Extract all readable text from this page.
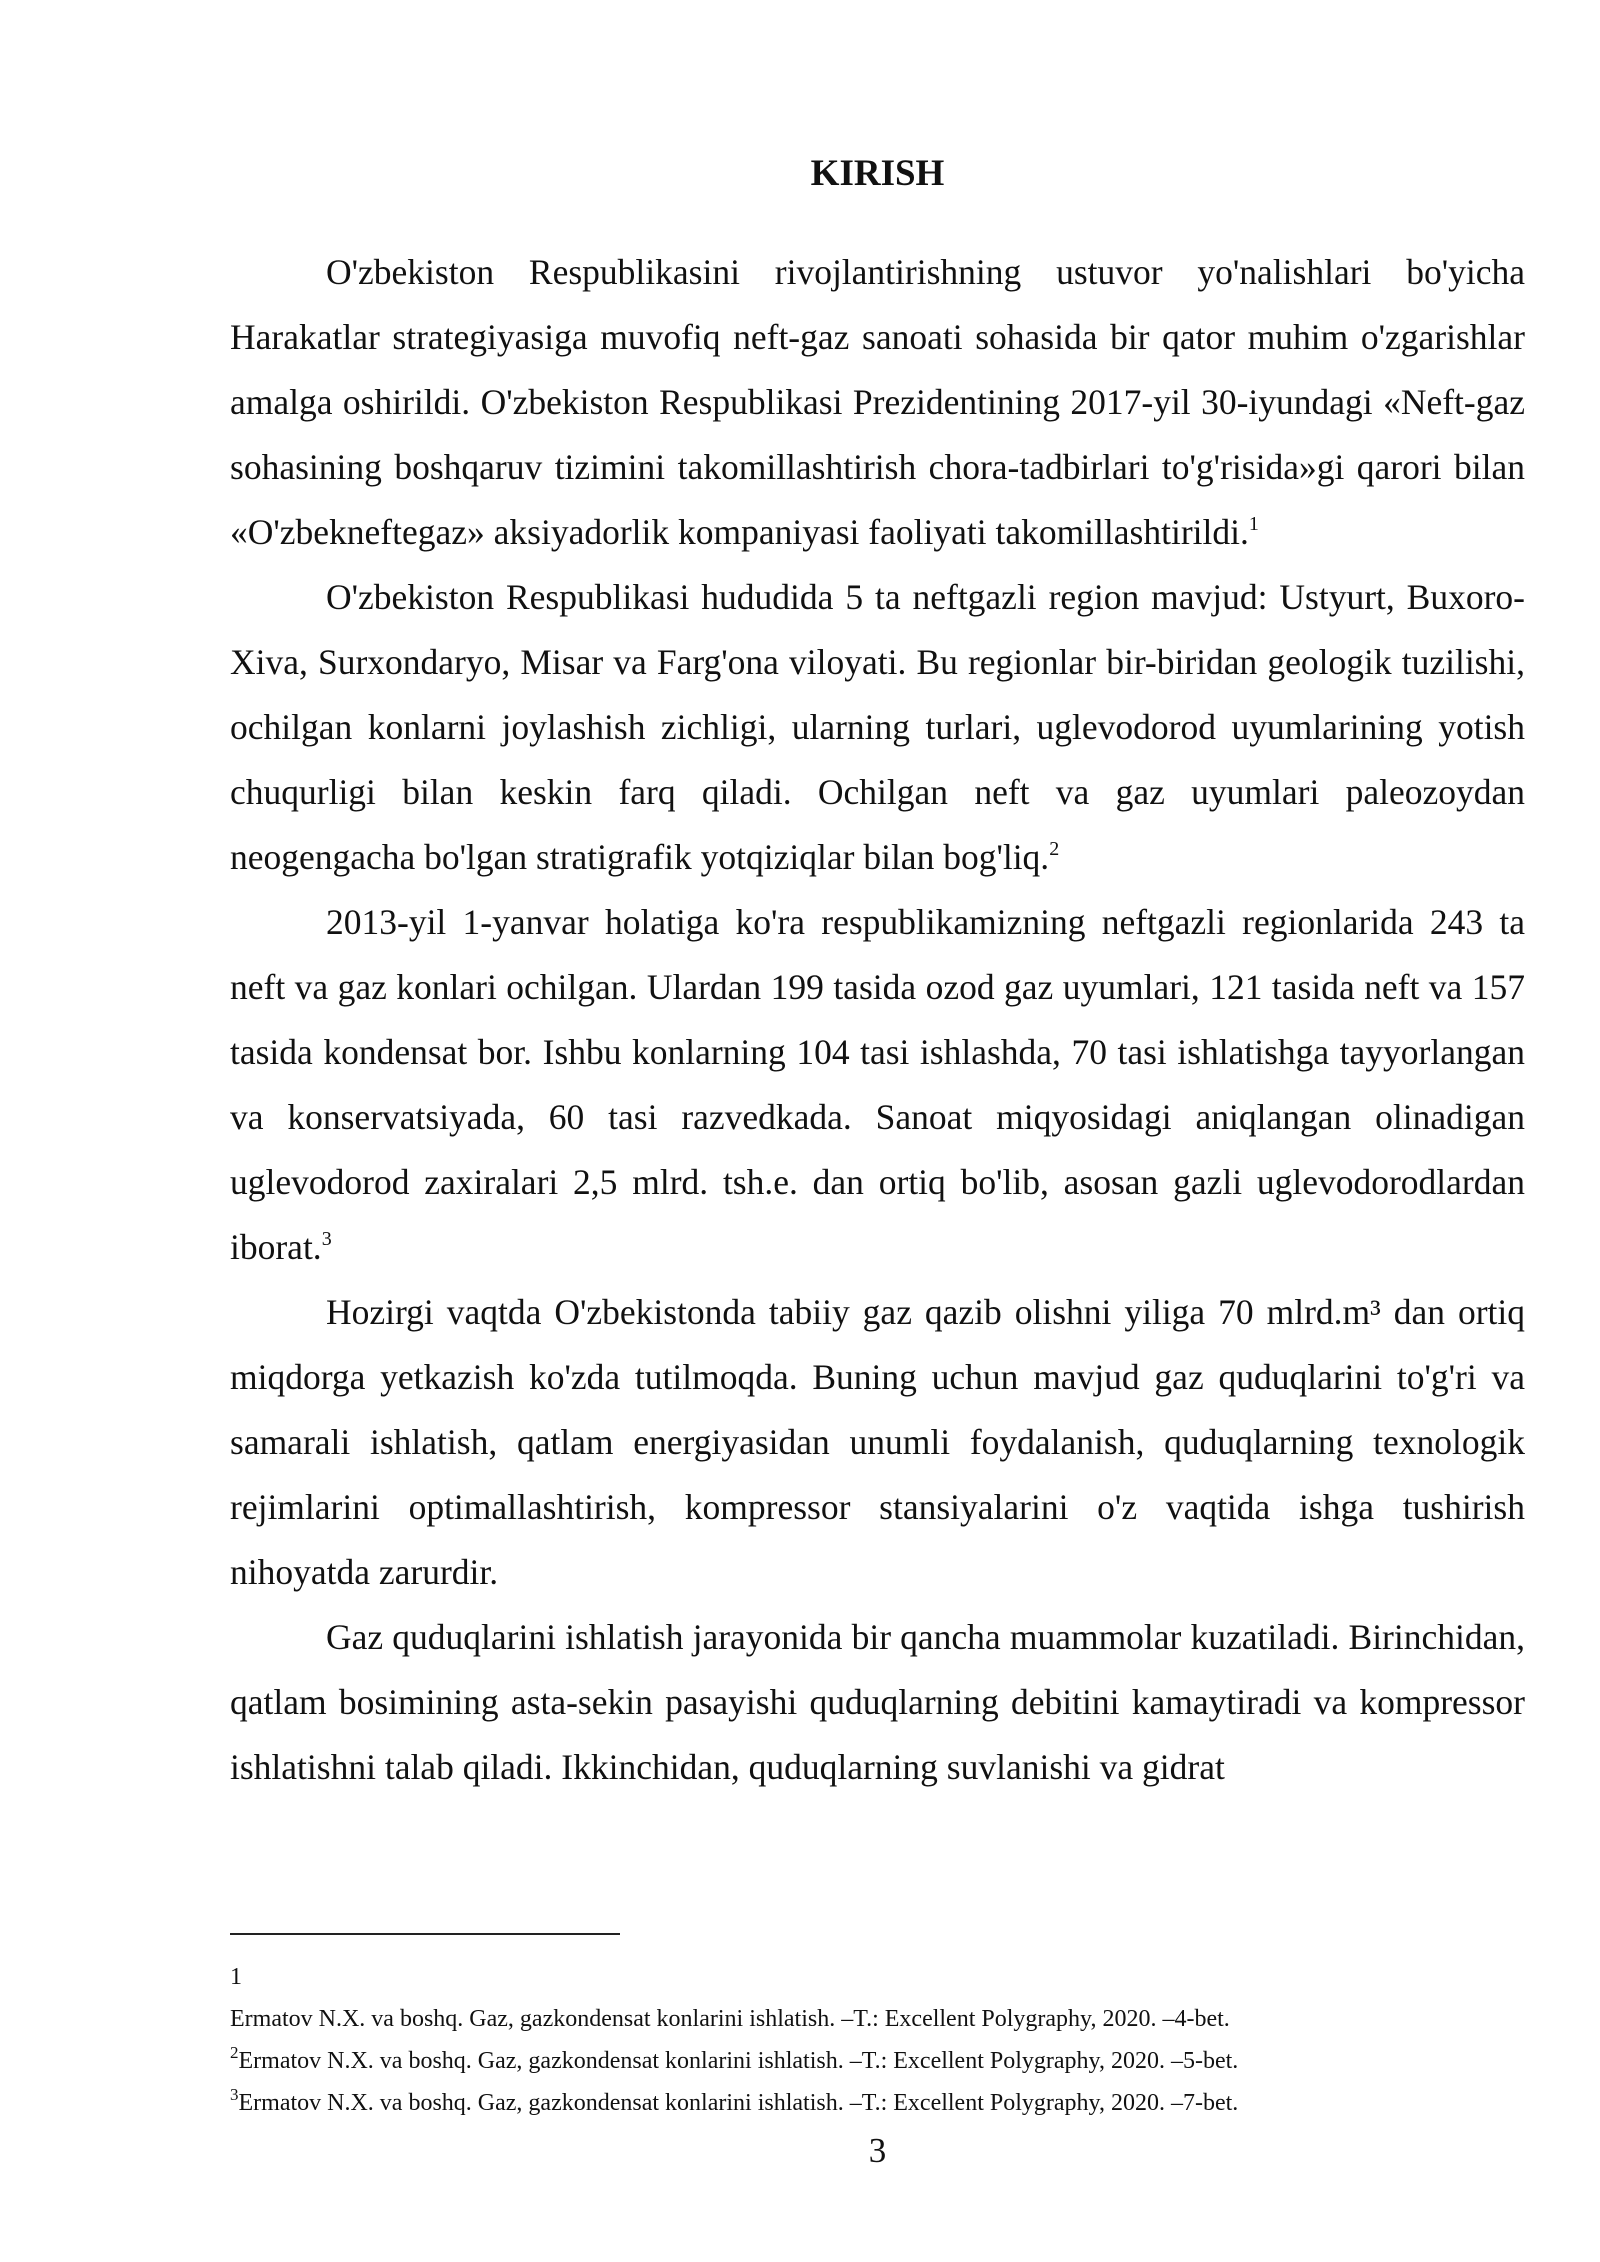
KIRISH

O'zbekiston Respublikasini rivojlantirishning ustuvor yo'nalishlari bo'yicha Harakatlar strategiyasiga muvofiq neft-gaz sanoati sohasida bir qator muhim o'zgarishlar amalga oshirildi. O'zbekiston Respublikasi Prezidentining 2017-yil 30-iyundagi «Neft-gaz sohasining boshqaruv tizimini takomillashtirish chora-tadbirlari to'g'risida»gi qarori bilan «O'zbekneftegaz» aksiyadorlik kompaniyasi faoliyati takomillashtirildi.$^1$

O'zbekiston Respublikasi hududida 5 ta neftgazli region mavjud: Ustyurt, Buxoro-Xiva, Surxondaryo, Misar va Farg'ona viloyati. Bu regionlar bir-biridan geologik tuzilishi, ochilgan konlarni joylashish zichligi, ularning turlari, uglevodorod uyumlarining yotish chuqurligi bilan keskin farq qiladi. Ochilgan neft va gaz uyumlari paleozoydan neogengacha bo'lgan stratigrafik yotqiziqlar bilan bog'liq.$^2$

2013-yil 1-yanvar holatiga ko'ra respublikamizning neftgazli regionlarida 243 ta neft va gaz konlari ochilgan. Ulardan 199 tasida ozod gaz uyumlari, 121 tasida neft va 157 tasida kondensat bor. Ishbu konlarning 104 tasi ishlashda, 70 tasi ishlatishga tayyorlangan va konservatsiyada, 60 tasi razvedkada. Sanoat miqyosidagi aniqlangan olinadigan uglevodorod zaxiralari 2,5 mlrd. tsh.e. dan ortiq bo'lib, asosan gazli uglevodorodlardan iborat.$^3$

Hozirgi vaqtda O'zbekistonda tabiiy gaz qazib olishni yiliga 70 mlrd.m³ dan ortiq miqdorga yetkazish ko'zda tutilmoqda. Buning uchun mavjud gaz quduqlarini to'g'ri va samarali ishlatish, qatlam energiyasidan unumli foydalanish, quduqlarning texnologik rejimlarini optimallashtirish, kompressor stansiyalarini o'z vaqtida ishga tushirish nihoyatda zarurdir.

Gaz quduqlarini ishlatish jarayonida bir qancha muammolar kuzatiladi. Birinchidan, qatlam bosimining asta-sekin pasayishi quduqlarning debitini kamaytiradi va kompressor ishlatishni talab qiladi. Ikkinchidan, quduqlarning suvlanishi va gidrat

1

Ermatov N.X. va boshq. Gaz, gazkondensat konlarini ishlatish. –T.: Excellent Polygraphy, 2020. –4-bet.

$^2$Ermatov N.X. va boshq. Gaz, gazkondensat konlarini ishlatish. –T.: Excellent Polygraphy, 2020. –5-bet.

$^3$Ermatov N.X. va boshq. Gaz, gazkondensat konlarini ishlatish. –T.: Excellent Polygraphy, 2020. –7-bet.

3
